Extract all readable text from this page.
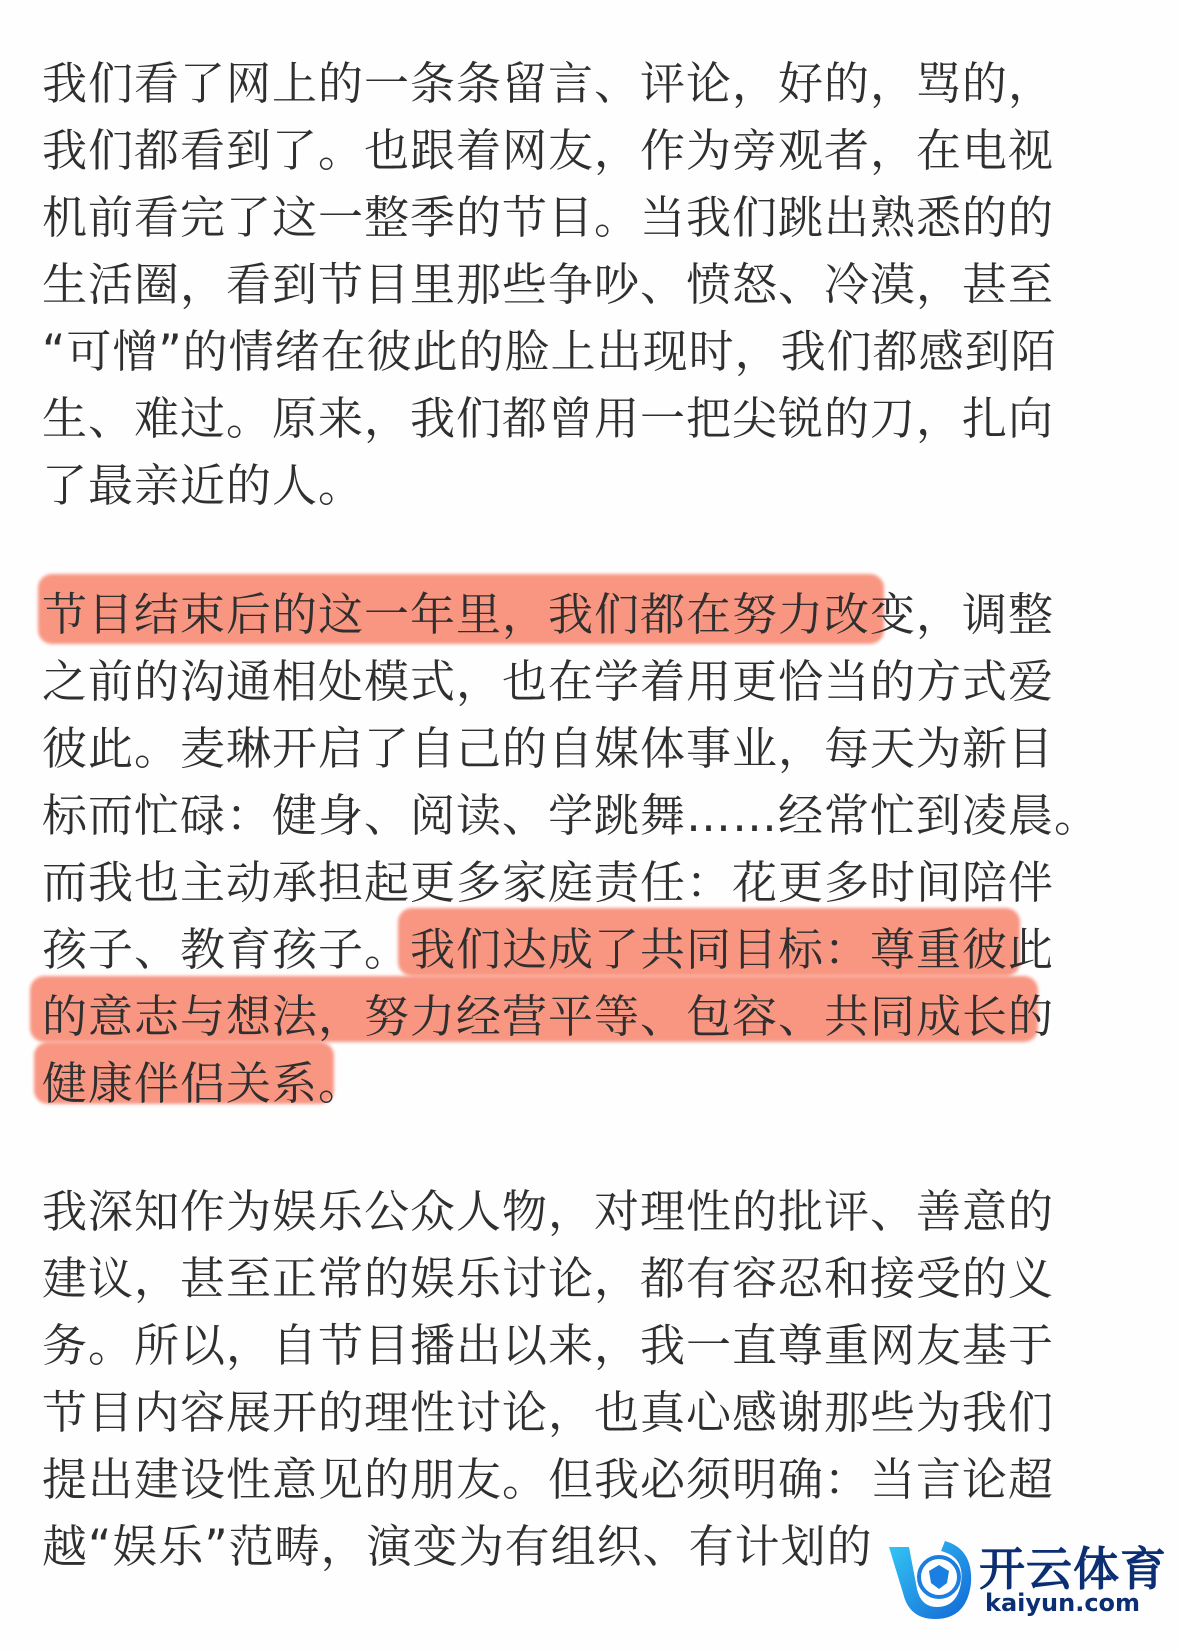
我们看了网上的一条条留言、评论，好的，骂的，
我们都看到了。也跟着网友，作为旁观者，在电视
机前看完了这一整季的节目。当我们跳出熟悉的的
生活圈，看到节目里那些争吵、愤怒、冷漠，甚至
“可憎”的情绪在彼此的脸上出现时，我们都感到陌
生、难过。原来，我们都曾用一把尖锐的刀，扎向
了最亲近的人。
节目结束后的这一年里，我们都在努力改变，调整
之前的沟通相处模式，也在学着用更恰当的方式爱
彼此。麦琳开启了自己的自媒体事业，每天为新目
标而忙碌：健身、阅读、学跳舞……经常忙到凌晨。
而我也主动承担起更多家庭责任：花更多时间陪伴
孩子、教育孩子。我们达成了共同目标：尊重彼此
的意志与想法，努力经营平等、包容、共同成长的
健康伴侣关系。
我深知作为娱乐公众人物，对理性的批评、善意的
建议，甚至正常的娱乐讨论，都有容忍和接受的义
务。所以，自节目播出以来，我一直尊重网友基于
节目内容展开的理性讨论，也真心感谢那些为我们
提出建设性意见的朋友。但我必须明确：当言论超
越“娱乐”范畴，演变为有组织、有计划的	开云体育
kaiyun.com
